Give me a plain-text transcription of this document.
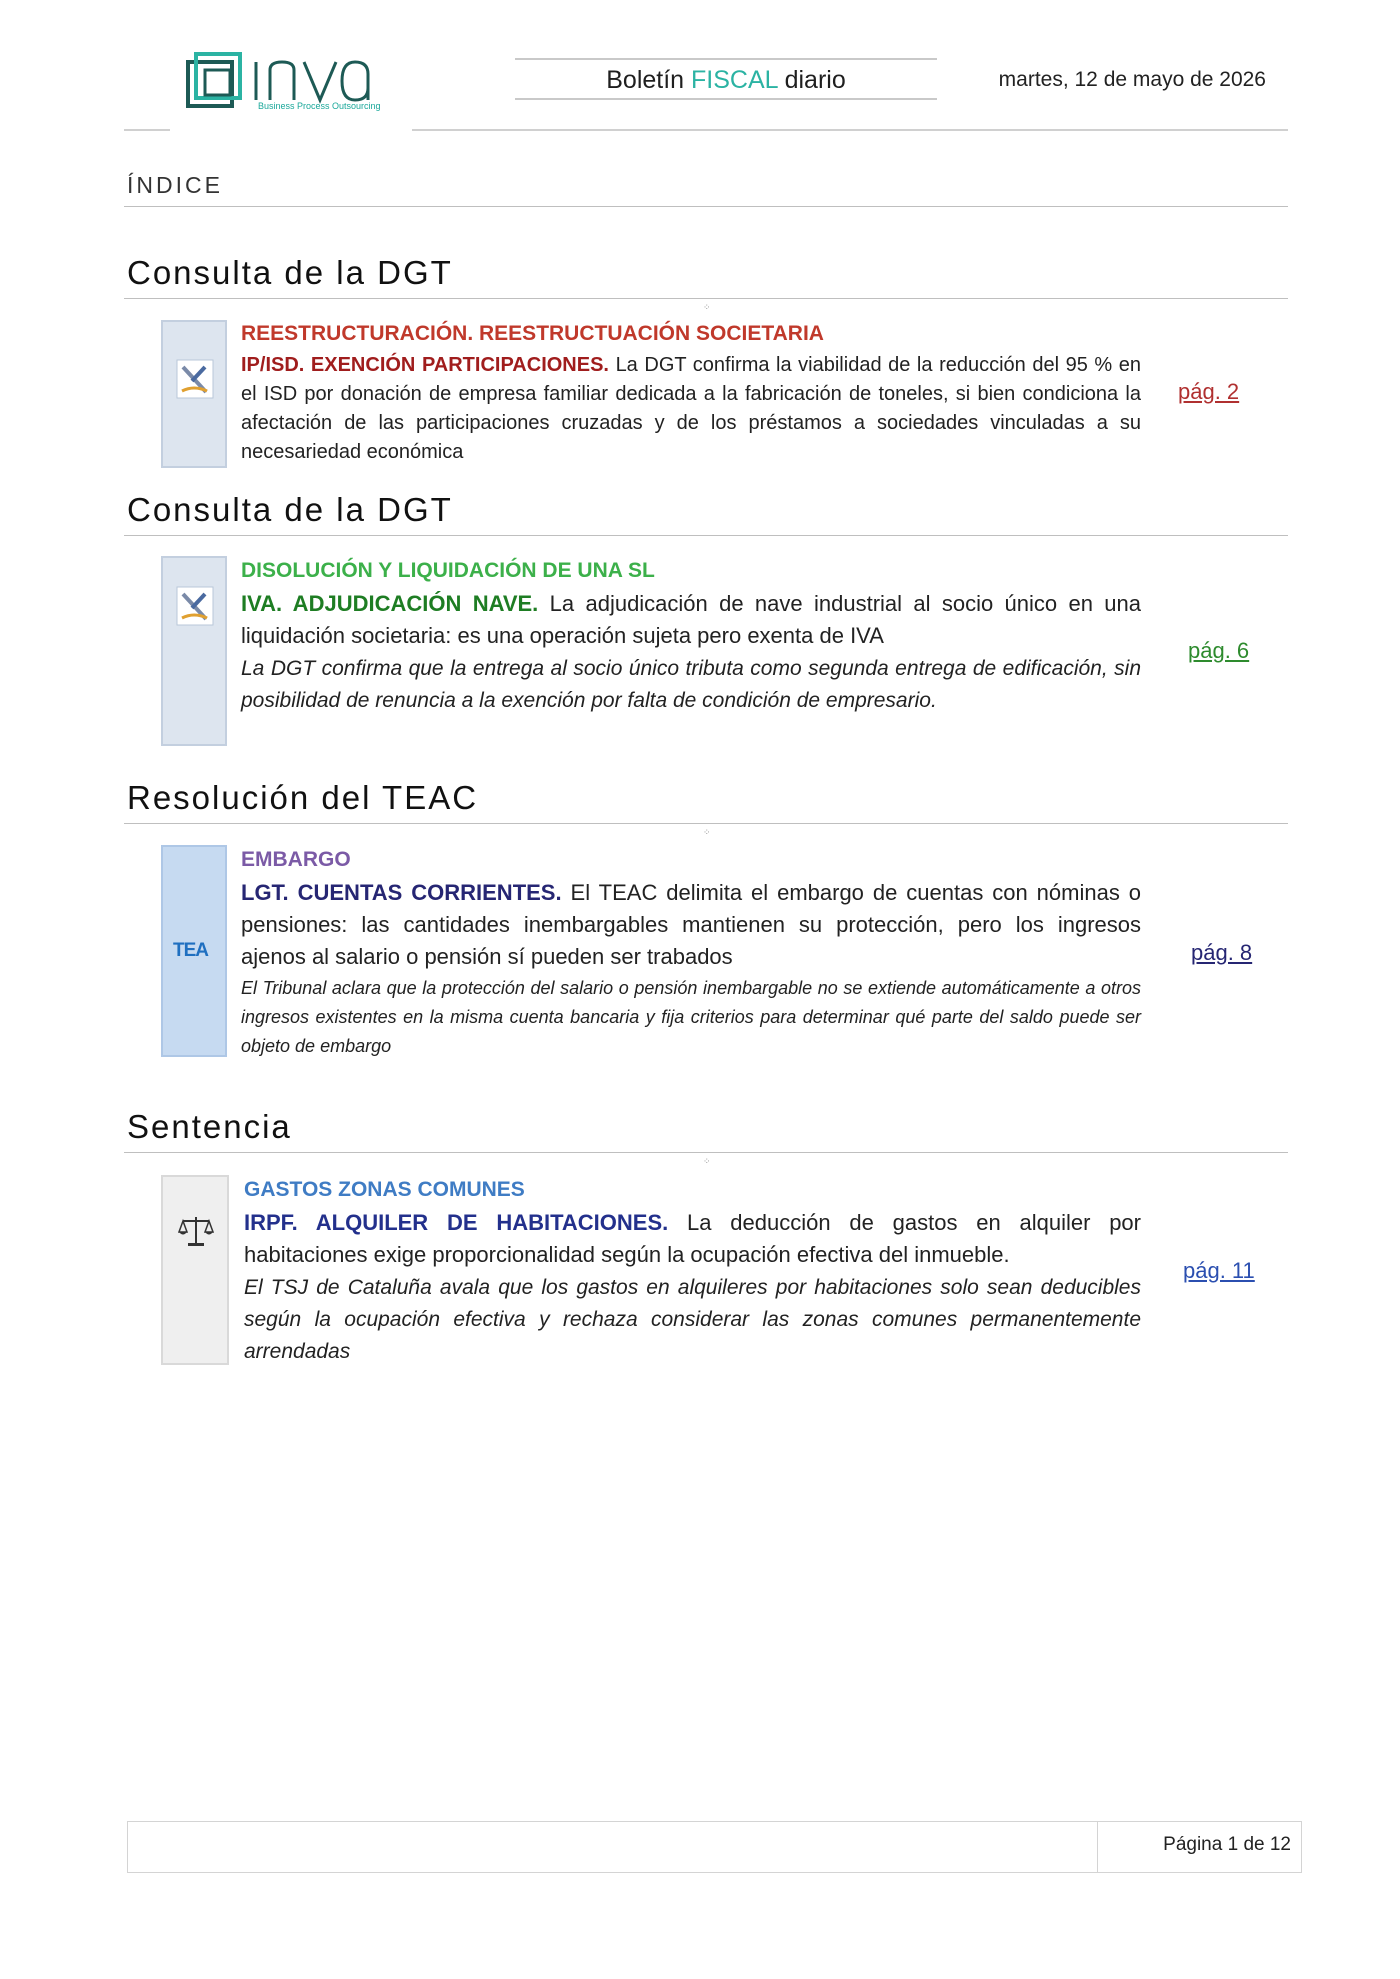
Business Process Outsourcing
Boletín FISCAL diario	martes, 12 de mayo de 2026
ÍNDICE
Consulta de la DGT
⁘
REESTRUCTURACIÓN. REESTRUCTUACIÓN SOCIETARIA
IP/ISD. EXENCIÓN PARTICIPACIONES. La DGT confirma la viabilidad de la reducción del 95 % en el ISD por donación de empresa familiar dedicada a la fabricación de toneles, si bien condiciona la afectación de las participaciones cruzadas y de los préstamos a sociedades vinculadas a su necesariedad económica
pág. 2
Consulta de la DGT
DISOLUCIÓN Y LIQUIDACIÓN DE UNA SL
IVA. ADJUDICACIÓN NAVE. La adjudicación de nave industrial al socio único en una liquidación societaria: es una operación sujeta pero exenta de IVA
La DGT confirma que la entrega al socio único tributa como segunda entrega de edificación, sin posibilidad de renuncia a la exención por falta de condición de empresario.
pág. 6
Resolución del TEAC
⁘
TEA
EMBARGO
LGT. CUENTAS CORRIENTES. El TEAC delimita el embargo de cuentas con nóminas o pensiones: las cantidades inembargables mantienen su protección, pero los ingresos ajenos al salario o pensión sí pueden ser trabados
El Tribunal aclara que la protección del salario o pensión inembargable no se extiende automáticamente a otros ingresos existentes en la misma cuenta bancaria y fija criterios para determinar qué parte del saldo puede ser objeto de embargo
pág. 8
Sentencia
⁘
GASTOS ZONAS COMUNES
IRPF. ALQUILER DE HABITACIONES. La deducción de gastos en alquiler por habitaciones exige proporcionalidad según la ocupación efectiva del inmueble.
El TSJ de Cataluña avala que los gastos en alquileres por habitaciones solo sean deducibles según la ocupación efectiva y rechaza considerar las zonas comunes permanentemente arrendadas
pág. 11
Página 1 de 12
